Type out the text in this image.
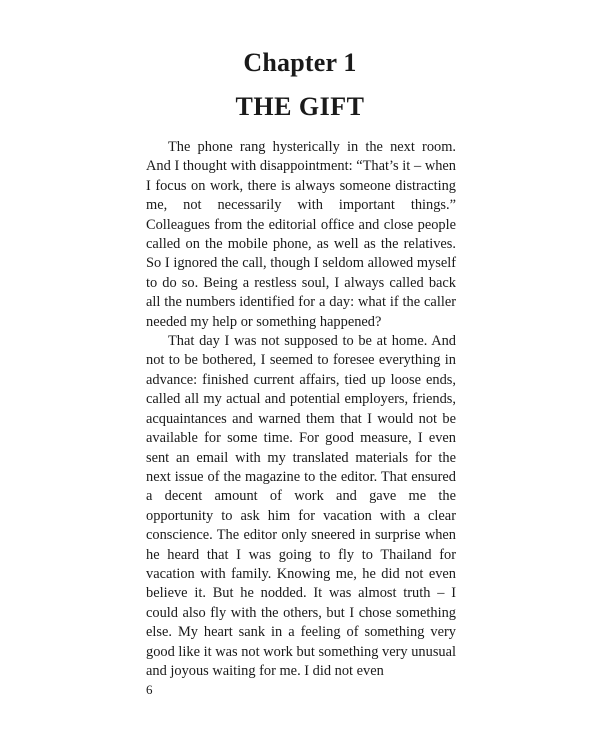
Chapter 1
THE GIFT

The phone rang hysterically in the next room. And I thought with disappointment: “That’s it – when I focus on work, there is always someone distracting me, not necessarily with important things.” Colleagues from the editorial office and close people called on the mobile phone, as well as the relatives. So I ignored the call, though I seldom allowed myself to do so. Being a restless soul, I always called back all the numbers identified for a day: what if the caller needed my help or something happened?

That day I was not supposed to be at home. And not to be bothered, I seemed to foresee everything in advance: finished current affairs, tied up loose ends, called all my actual and potential employers, friends, acquaintances and warned them that I would not be available for some time. For good measure, I even sent an email with my translated materials for the next issue of the magazine to the editor. That ensured a decent amount of work and gave me the opportunity to ask him for vacation with a clear conscience. The editor only sneered in surprise when he heard that I was going to fly to Thailand for vacation with family. Knowing me, he did not even believe it. But he nodded. It was almost truth – I could also fly with the others, but I chose something else. My heart sank in a feeling of something very good like it was not work but something very unusual and joyous waiting for me. I did not even

6
